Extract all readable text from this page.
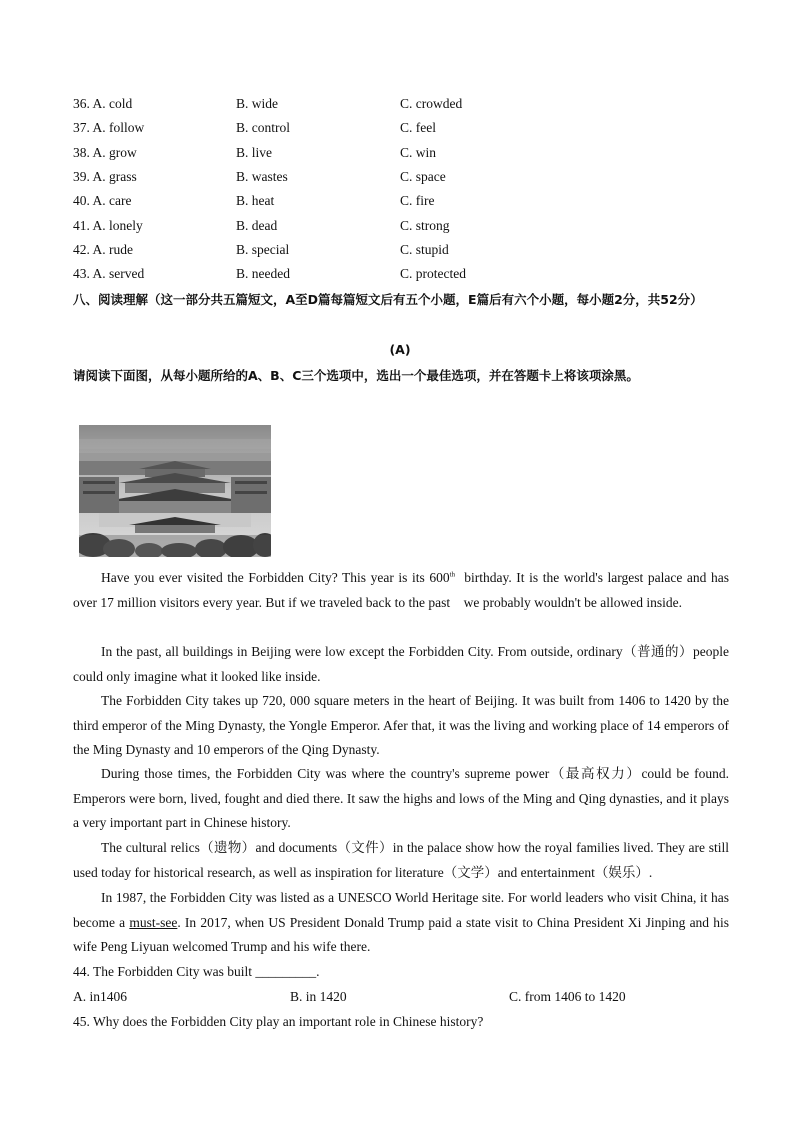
36. A. cold	B. wide	C. crowded
37. A. follow	B. control	C. feel
38. A. grow	B. live	C. win
39. A. grass	B. wastes	C. space
40. A. care	B. heat	C. fire
41. A. lonely	B. dead	C. strong
42. A. rude	B. special	C. stupid
43. A. served	B. needed	C. protected
八、阅读理解（这一部分共五篇短文，A至D篇每篇短文后有五个小题，E篇后有六个小题，每小题2分，共52分）
(A)
请阅读下面图，从每小题所给的A、B、C三个选项中，选出一个最佳选项，并在答题卡上将该项涂黑。
Have you ever visited the Forbidden City? This year is its 600th  birthday. It is the world's largest palace and has over 17 million visitors every year. But if we traveled back to the past    we probably wouldn't be allowed inside.
In the past, all buildings in Beijing were low except the Forbidden City. From outside, ordinary（普通的）people could only imagine what it looked like inside.
The Forbidden City takes up 720, 000 square meters in the heart of Beijing. It was built from 1406 to 1420 by the third emperor of the Ming Dynasty, the Yongle Emperor. Afer that, it was the living and working place of 14 emperors of the Ming Dynasty and 10 emperors of the Qing Dynasty.
During those times, the Forbidden City was where the country's supreme power（最高权力）could be found. Emperors were born, lived, fought and died there. It saw the highs and lows of the Ming and Qing dynasties, and it plays a very important part in Chinese history.
The cultural relics（遗物）and documents（文件）in the palace show how the royal families lived. They are still used today for historical research, as well as inspiration for literature（文学）and entertainment（娱乐）.
In 1987, the Forbidden City was listed as a UNESCO World Heritage site. For world leaders who visit China, it has become a must-see. In 2017, when US President Donald Trump paid a state visit to China President Xi Jinping and his wife Peng Liyuan welcomed Trump and his wife there.
44. The Forbidden City was built _________.
A. in1406	B. in 1420	C. from 1406 to 1420
45. Why does the Forbidden City play an important role in Chinese history?
